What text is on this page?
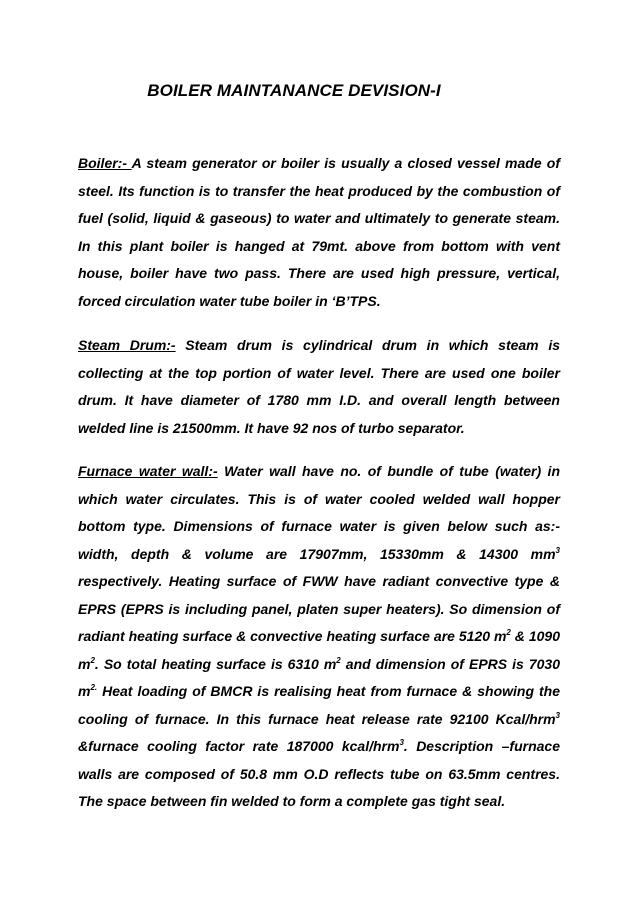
BOILER MAINTANANCE DEVISION-I

Boiler:- A steam generator or boiler is usually a closed vessel made of steel. Its function is to transfer the heat produced by the combustion of fuel (solid, liquid & gaseous) to water and ultimately to generate steam. In this plant boiler is hanged at 79mt. above from bottom with vent house, boiler have two pass. There are used high pressure, vertical, forced circulation water tube boiler in ‘B’TPS.

Steam Drum:- Steam drum is cylindrical drum in which steam is collecting at the top portion of water level. There are used one boiler drum. It have diameter of 1780 mm I.D. and overall length between welded line is 21500mm. It have 92 nos of turbo separator.

Furnace water wall:- Water wall have no. of bundle of tube (water) in which water circulates. This is of water cooled welded wall hopper bottom type. Dimensions of furnace water is given below such as:- width, depth & volume are 17907mm, 15330mm & 14300 $mm^3$ respectively. Heating surface of FWW have radiant convective type & EPRS (EPRS is including panel, platen super heaters). So dimension of radiant heating surface & convective heating surface are 5120 $m^2$ & 1090 $m^2$. So total heating surface is 6310 $m^2$ and dimension of EPRS is 7030 $m^{2.}$ Heat loading of BMCR is realising heat from furnace & showing the cooling of furnace. In this furnace heat release rate 92100 Kcal/hrm$^3$ &furnace cooling factor rate 187000 kcal/hrm$^3$. Description –furnace walls are composed of 50.8 mm O.D reflects tube on 63.5mm centres. The space between fin welded to form a complete gas tight seal.
